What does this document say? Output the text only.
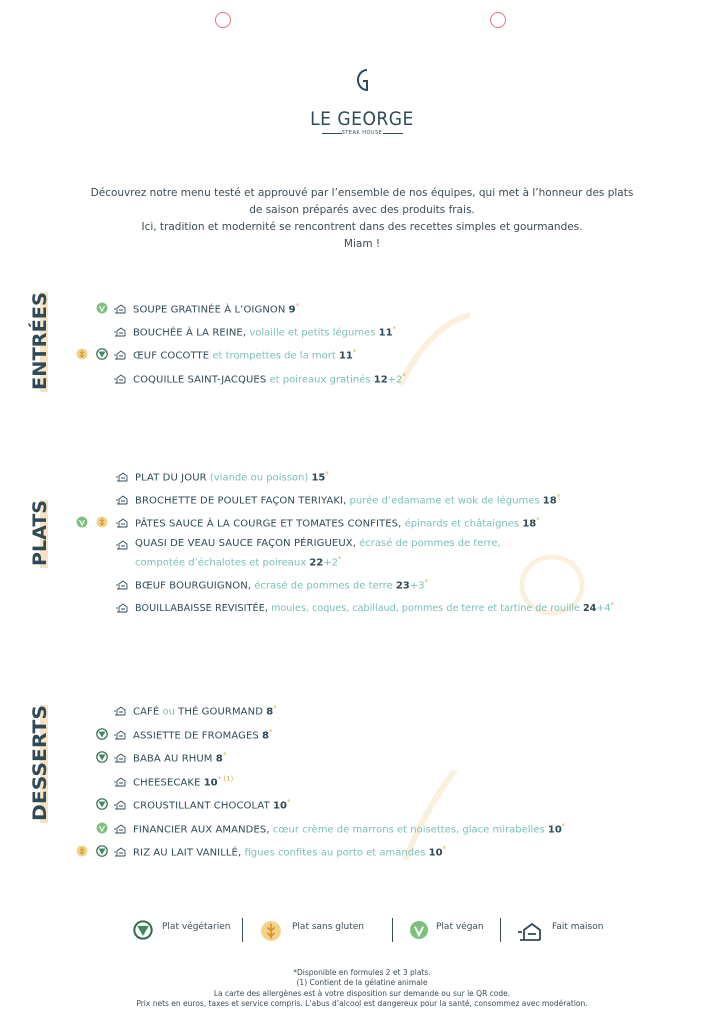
LE GEORGE
STEAK HOUSE
Découvrez notre menu testé et approuvé par l’ensemble de nos équipes, qui met à l’honneur des plats
de saison préparés avec des produits frais.
Ici, tradition et modernité se rencontrent dans des recettes simples et gourmandes.
Miam !
ENTRÉES
PLATS
DESSERTS
SOUPE GRATINÉE À L’OIGNON 9*
BOUCHÉE À LA REINE, volaille et petits légumes 11*
ŒUF COCOTTE et trompettes de la mort 11*
COQUILLE SAINT-JACQUES et poireaux gratinés 12+2*
PLAT DU JOUR (viande ou poisson) 15*
BROCHETTE DE POULET FAÇON TERIYAKI, purée d’edamame et wok de légumes 18*
PÂTES SAUCE À LA COURGE ET TOMATES CONFITES, épinards et châtaignes 18*
QUASI DE VEAU SAUCE FAÇON PÉRIGUEUX, écrasé de pommes de terre,
compotée d’échalotes et poireaux 22+2*
BŒUF BOURGUIGNON, écrasé de pommes de terre 23+3*
BOUILLABAISSE REVISITÉE, moules, coques, cabillaud, pommes de terre et tartine de rouille 24+4*
CAFÉ ou THÉ GOURMAND 8*
ASSIETTE DE FROMAGES 8*
BABA AU RHUM 8*
CHEESECAKE 10$^{* (1)}$
CROUSTILLANT CHOCOLAT 10*
FINANCIER AUX AMANDES, cœur crème de marrons et noisettes, glace mirabelles 10*
RIZ AU LAIT VANILLÉ, figues confites au porto et amandes 10*
Plat végétarien	Plat sans gluten	Plat végan	Fait maison
*Disponible en formules 2 et 3 plats.
(1) Contient de la gélatine animale
La carte des allergènes est à votre disposition sur demande ou sur le QR code.
Prix nets en euros, taxes et service compris. L’abus d’alcool est dangereux pour la santé, consommez avec modération.
